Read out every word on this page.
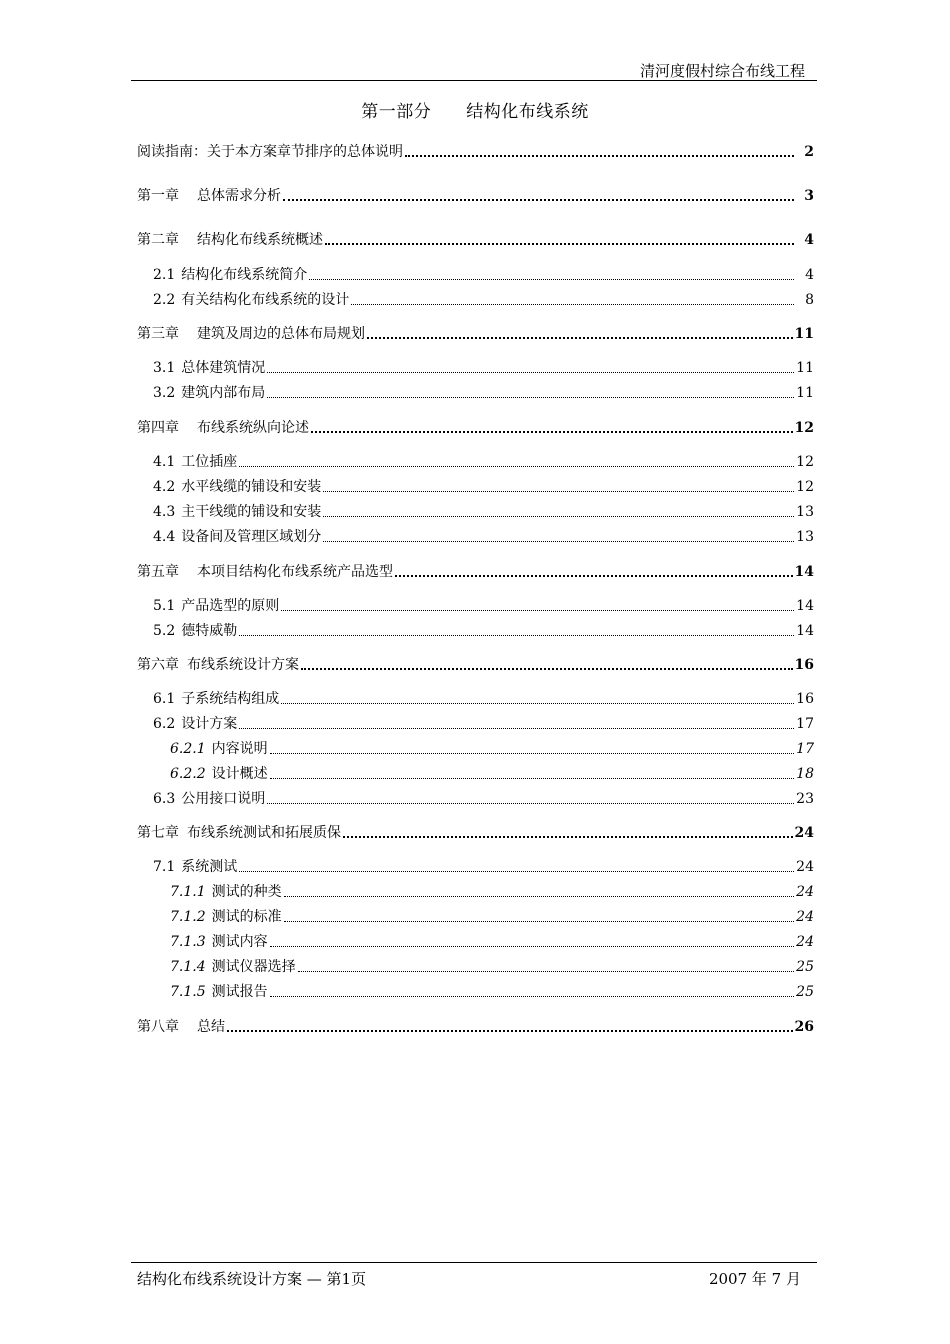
清河度假村综合布线工程
第一部分　　结构化布线系统
阅读指南：关于本方案章节排序的总体说明	2
第一章 总体需求分析	3
第二章 结构化布线系统概述	4
2.1 结构化布线系统简介	4
2.2 有关结构化布线系统的设计	8
第三章 建筑及周边的总体布局规划	11
3.1 总体建筑情况	11
3.2 建筑内部布局	11
第四章 布线系统纵向论述	12
4.1 工位插座	12
4.2 水平线缆的铺设和安装	12
4.3 主干线缆的铺设和安装	13
4.4 设备间及管理区域划分	13
第五章 本项目结构化布线系统产品选型	14
5.1 产品选型的原则	14
5.2 德特威勒	14
第六章 布线系统设计方案	16
6.1 子系统结构组成	16
6.2 设计方案	17
6.2.1 内容说明	17
6.2.2 设计概述	18
6.3 公用接口说明	23
第七章 布线系统测试和拓展质保	24
7.1 系统测试	24
7.1.1 测试的种类	24
7.1.2 测试的标准	24
7.1.3 测试内容	24
7.1.4 测试仪器选择	25
7.1.5 测试报告	25
第八章 总结	26
结构化布线系统设计方案 — 第1页	2007 年 7 月
